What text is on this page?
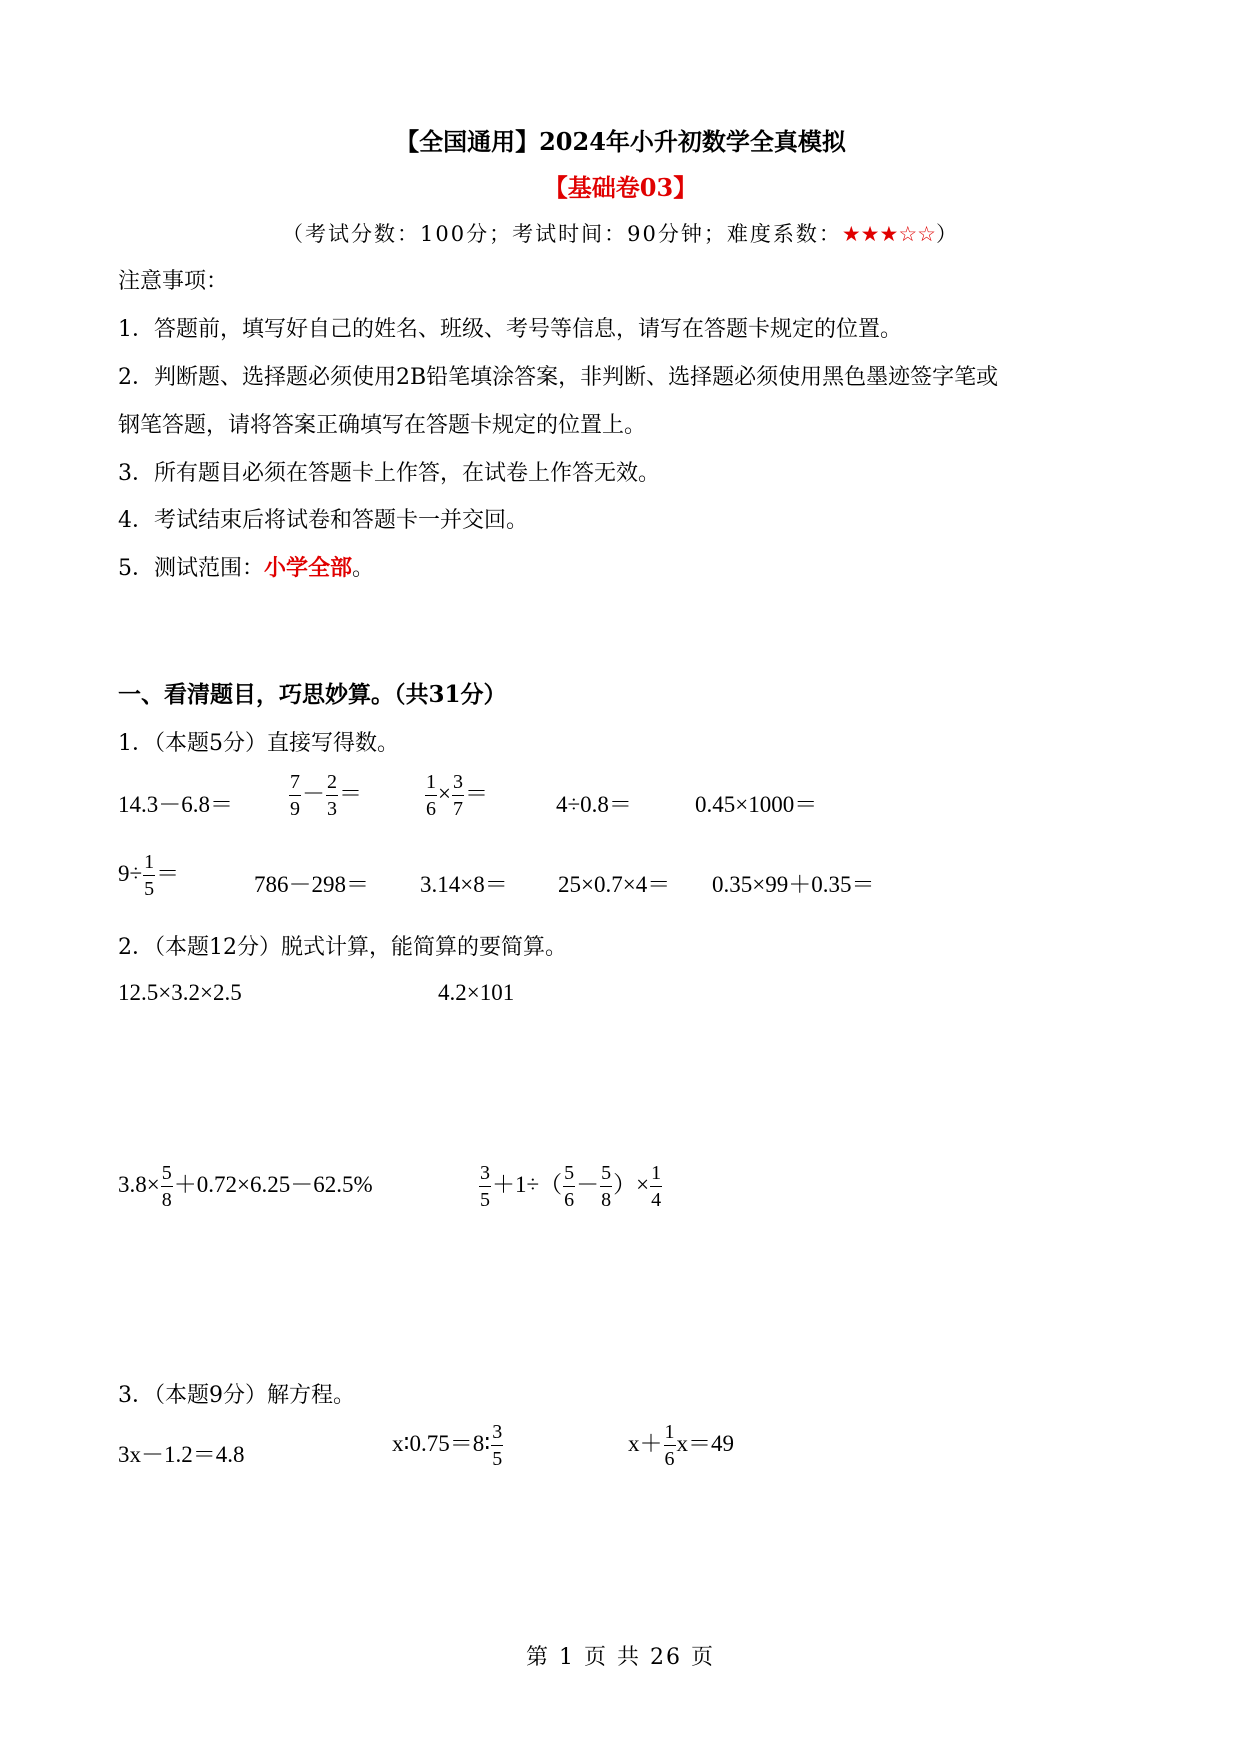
【全国通用】2024年小升初数学全真模拟
【基础卷03】
（考试分数：100分；考试时间：90分钟；难度系数：★★★☆☆）
注意事项：
1．答题前，填写好自己的姓名、班级、考号等信息，请写在答题卡规定的位置。
2．判断题、选择题必须使用2B铅笔填涂答案，非判断、选择题必须使用黑色墨迹签字笔或
钢笔答题，请将答案正确填写在答题卡规定的位置上。
3．所有题目必须在答题卡上作答，在试卷上作答无效。
4．考试结束后将试卷和答题卡一并交回。
5．测试范围：小学全部。
一、看清题目，巧思妙算。（共31分）
1．（本题5分）直接写得数。
14.3－6.8＝	$\frac{7}{9} - \frac{2}{3}$ ＝	$\frac{1}{6} \times \frac{3}{7}$ ＝	4÷0.8＝	0.45×1000＝
$9\div \frac{1}{5}$ ＝	786－298＝ 3.14×8＝ 25×0.7×4＝ 0.35×99＋0.35＝
2．（本题12分）脱式计算，能简算的要简算。
12.5×3.2×2.5	4.2×101
$3.8\times \frac{5}{8} +0.72\times 6.25-62.5\%$	$\frac{3}{5} +1\div( \frac{5}{6} - \frac{5}{8}$ ）× $\frac{1}{4}$
3．（本题9分）解方程。
3x－1.2＝4.8	x∶0.75＝8∶ $\frac{3}{5}$	$x+ \frac{1}{6} x=49$
第 1 页 共 26 页
